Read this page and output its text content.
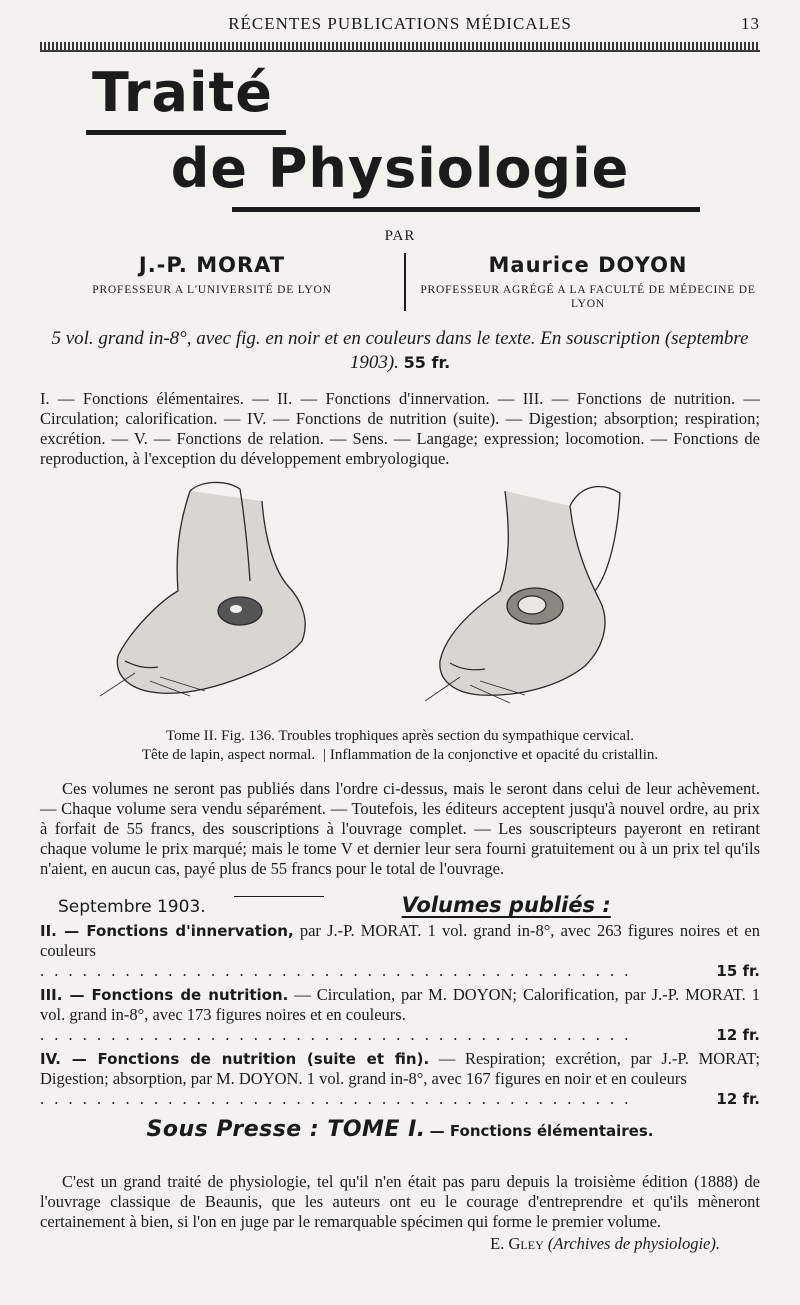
RÉCENTES PUBLICATIONS MÉDICALES	13
Traité
de Physiologie
PAR
J.-P. MORAT
PROFESSEUR A L'UNIVERSITÉ DE LYON
Maurice DOYON
PROFESSEUR AGRÉGÉ A LA FACULTÉ DE MÉDECINE DE LYON
5 vol. grand in-8°, avec fig. en noir et en couleurs dans le texte. En souscription (septembre 1903). 55 fr.
I. — Fonctions élémentaires. — II. — Fonctions d'innervation. — III. — Fonctions de nutrition. — Circulation; calorification. — IV. — Fonctions de nutrition (suite). — Digestion; absorption; respiration; excrétion. — V. — Fonctions de relation. — Sens. — Langage; expression; locomotion. — Fonctions de reproduction, à l'exception du développement embryologique.
Tome II. Fig. 136. Troubles trophiques après section du sympathique cervical.
Tête de lapin, aspect normal. | Inflammation de la conjonctive et opacité du cristallin.
Ces volumes ne seront pas publiés dans l'ordre ci-dessus, mais le seront dans celui de leur achèvement. — Chaque volume sera vendu séparément. — Toutefois, les éditeurs acceptent jusqu'à nouvel ordre, au prix à forfait de 55 francs, des souscriptions à l'ouvrage complet. — Les souscripteurs payeront en retirant chaque volume le prix marqué; mais le tome V et dernier leur sera fourni gratuitement ou à un prix tel qu'ils n'aient, en aucun cas, payé plus de 55 francs pour le total de l'ouvrage.
Septembre 1903.	Volumes publiés :
II. — Fonctions d'innervation, par J.-P. MORAT. 1 vol. grand in-8°, avec 263 figures noires et en couleurs
. . . . . . . . . . . . . . . . . . . . . . . . . . . . . . . . . . . . . . . . . .	15 fr.
III. — Fonctions de nutrition. — Circulation, par M. DOYON; Calorification, par J.-P. MORAT. 1 vol. grand in-8°, avec 173 figures noires et en couleurs.
. . . . . . . . . . . . . . . . . . . . . . . . . . . . . . . . . . . . . . . . . .	12 fr.
IV. — Fonctions de nutrition (suite et fin). — Respiration; excrétion, par J.-P. MORAT; Digestion; absorption, par M. DOYON. 1 vol. grand in-8°, avec 167 figures en noir et en couleurs
. . . . . . . . . . . . . . . . . . . . . . . . . . . . . . . . . . . . . . . . . .	12 fr.
Sous Presse : TOME I. — Fonctions élémentaires.
C'est un grand traité de physiologie, tel qu'il n'en était pas paru depuis la troisième édition (1888) de l'ouvrage classique de Beaunis, que les auteurs ont eu le courage d'entreprendre et qu'ils mèneront certainement à bien, si l'on en juge par le remarquable spécimen qui forme le premier volume.
E. Gley (Archives de physiologie).
